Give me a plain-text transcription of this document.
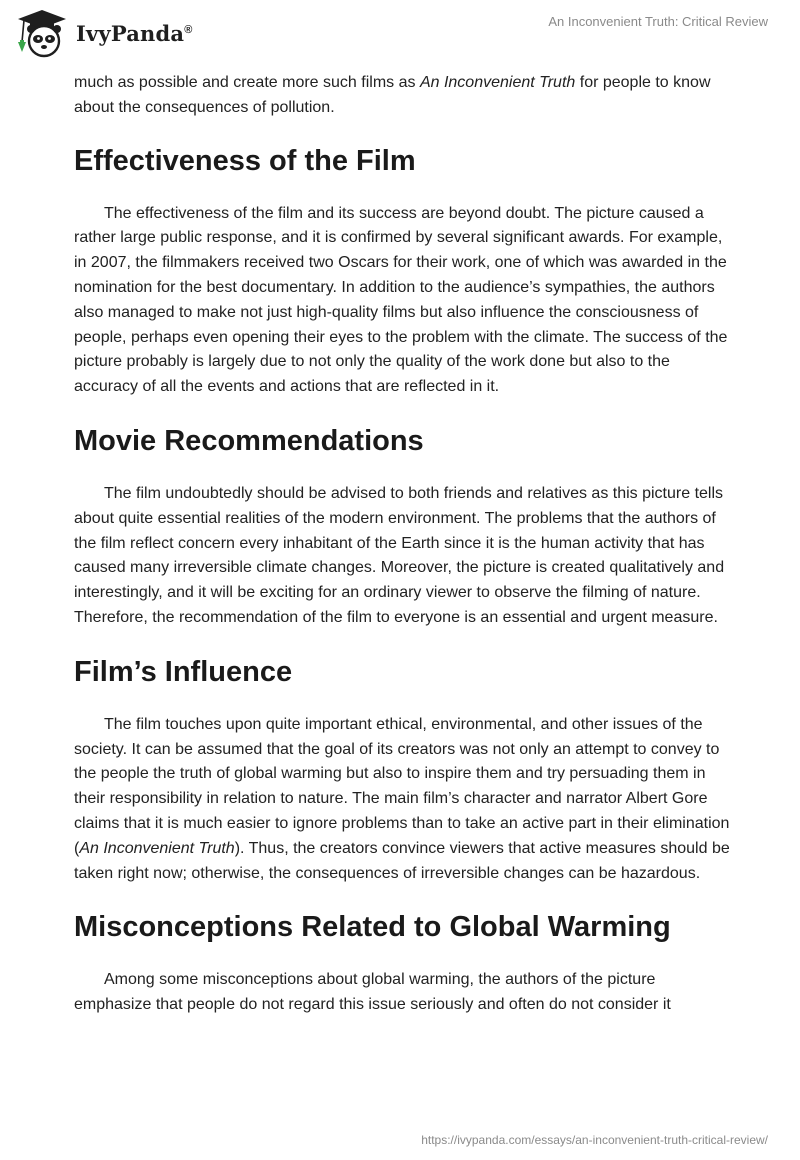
IvyPanda®
An Inconvenient Truth: Critical Review

much as possible and create more such films as An Inconvenient Truth for people to know about the consequences of pollution.

Effectiveness of the Film

The effectiveness of the film and its success are beyond doubt. The picture caused a rather large public response, and it is confirmed by several significant awards. For example, in 2007, the filmmakers received two Oscars for their work, one of which was awarded in the nomination for the best documentary. In addition to the audience’s sympathies, the authors also managed to make not just high-quality films but also influence the consciousness of people, perhaps even opening their eyes to the problem with the climate. The success of the picture probably is largely due to not only the quality of the work done but also to the accuracy of all the events and actions that are reflected in it.

Movie Recommendations

The film undoubtedly should be advised to both friends and relatives as this picture tells about quite essential realities of the modern environment. The problems that the authors of the film reflect concern every inhabitant of the Earth since it is the human activity that has caused many irreversible climate changes. Moreover, the picture is created qualitatively and interestingly, and it will be exciting for an ordinary viewer to observe the filming of nature. Therefore, the recommendation of the film to everyone is an essential and urgent measure.

Film’s Influence

The film touches upon quite important ethical, environmental, and other issues of the society. It can be assumed that the goal of its creators was not only an attempt to convey to the people the truth of global warming but also to inspire them and try persuading them in their responsibility in relation to nature. The main film’s character and narrator Albert Gore claims that it is much easier to ignore problems than to take an active part in their elimination (An Inconvenient Truth). Thus, the creators convince viewers that active measures should be taken right now; otherwise, the consequences of irreversible changes can be hazardous.

Misconceptions Related to Global Warming

Among some misconceptions about global warming, the authors of the picture emphasize that people do not regard this issue seriously and often do not consider it

https://ivypanda.com/essays/an-inconvenient-truth-critical-review/
